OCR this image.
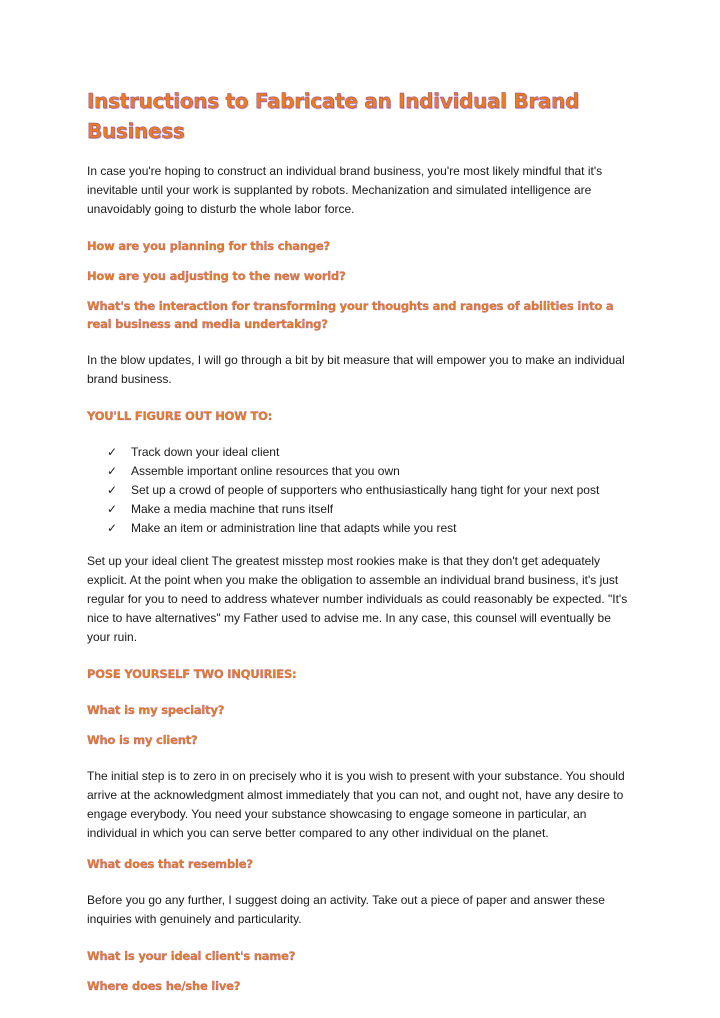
Instructions to Fabricate an Individual Brand Business

In case you're hoping to construct an individual brand business, you're most likely mindful that it's inevitable until your work is supplanted by robots. Mechanization and simulated intelligence are unavoidably going to disturb the whole labor force.

How are you planning for this change?
How are you adjusting to the new world?
What's the interaction for transforming your thoughts and ranges of abilities into a real business and media undertaking?

In the blow updates, I will go through a bit by bit measure that will empower you to make an individual brand business.

YOU'LL FIGURE OUT HOW TO:
✓ Track down your ideal client
✓ Assemble important online resources that you own
✓ Set up a crowd of people of supporters who enthusiastically hang tight for your next post
✓ Make a media machine that runs itself
✓ Make an item or administration line that adapts while you rest

Set up your ideal client The greatest misstep most rookies make is that they don't get adequately explicit. At the point when you make the obligation to assemble an individual brand business, it's just regular for you to need to address whatever number individuals as could reasonably be expected. "It's nice to have alternatives" my Father used to advise me. In any case, this counsel will eventually be your ruin.

POSE YOURSELF TWO INQUIRIES:
What is my specialty?
Who is my client?

The initial step is to zero in on precisely who it is you wish to present with your substance. You should arrive at the acknowledgment almost immediately that you can not, and ought not, have any desire to engage everybody. You need your substance showcasing to engage someone in particular, an individual in which you can serve better compared to any other individual on the planet.

What does that resemble?

Before you go any further, I suggest doing an activity. Take out a piece of paper and answer these inquiries with genuinely and particularity.

What is your ideal client's name?
Where does he/she live?
